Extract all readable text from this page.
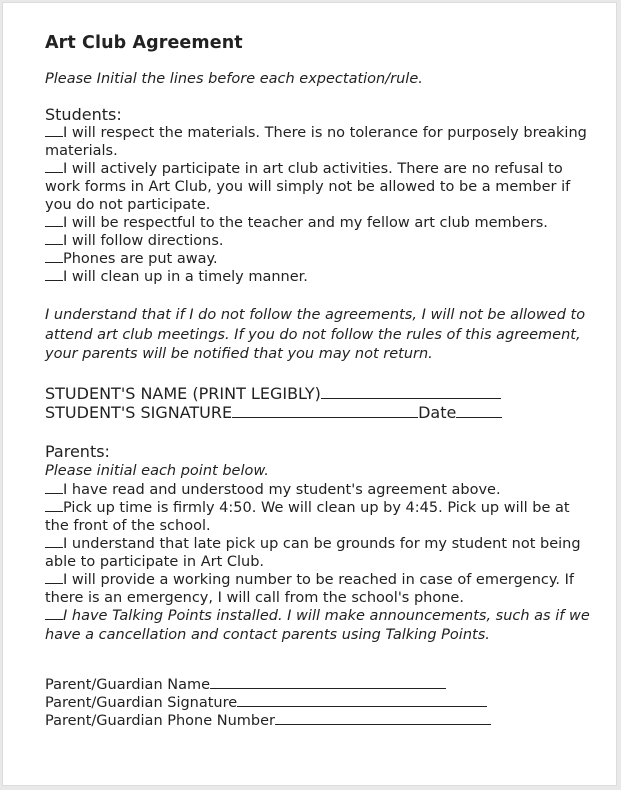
Art Club Agreement

Please Initial the lines before each expectation/rule.

Students:

I will respect the materials. There is no tolerance for purposely breaking materials.
I will actively participate in art club activities. There are no refusal to work forms in Art Club, you will simply not be allowed to be a member if you do not participate.
I will be respectful to the teacher and my fellow art club members.
I will follow directions.
Phones are put away.
I will clean up in a timely manner.

I understand that if I do not follow the agreements, I will not be allowed to attend art club meetings. If you do not follow the rules of this agreement, your parents will be notified that you may not return.

STUDENT'S NAME (PRINT LEGIBLY)

STUDENT'S SIGNATURE	Date

Parents:

Please initial each point below.

I have read and understood my student's agreement above.
Pick up time is firmly 4:50. We will clean up by 4:45. Pick up will be at the front of the school.
I understand that late pick up can be grounds for my student not being able to participate in Art Club.
I will provide a working number to be reached in case of emergency. If there is an emergency, I will call from the school's phone.
I have Talking Points installed. I will make announcements, such as if we have a cancellation and contact parents using Talking Points.

Parent/Guardian Name

Parent/Guardian Signature

Parent/Guardian Phone Number
